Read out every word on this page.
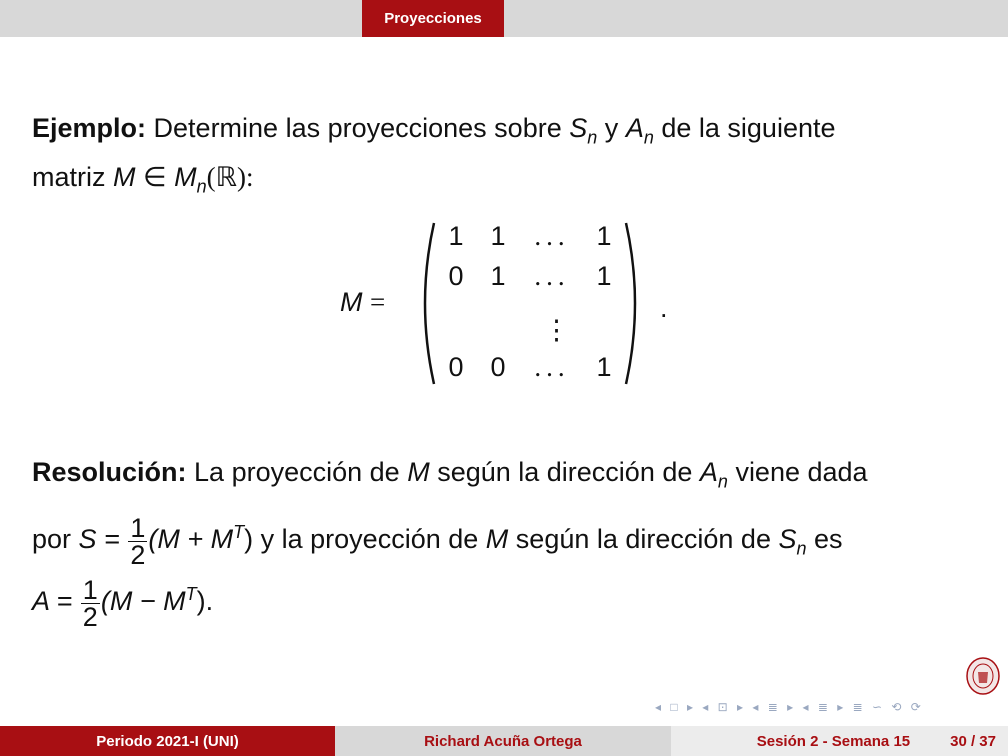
Proyecciones
Ejemplo: Determine las proyecciones sobre $S_n$ y $A_n$ de la siguiente
matriz M ∈ $M_n(ℝ)$:
M =
1 1	... 1
0 1	... 1
⋮
0 0	... 1
.
Resolución: La proyección de M según la dirección de $A_n$ viene dada
por $S = \frac{1}{2} (M + M^T)$ y la proyección de M según la dirección de $S_n$ es
$A = \frac{1}{2} (M - M^T)$.
◂ □ ▸ ◂ ⊡ ▸ ◂ ≣ ▸ ◂ ≣ ▸ ≣ ∽ ⟲ ⟳
Periodo 2021-I (UNI)	Richard Acuña Ortega	Sesión 2 - Semana 15	30 / 37
